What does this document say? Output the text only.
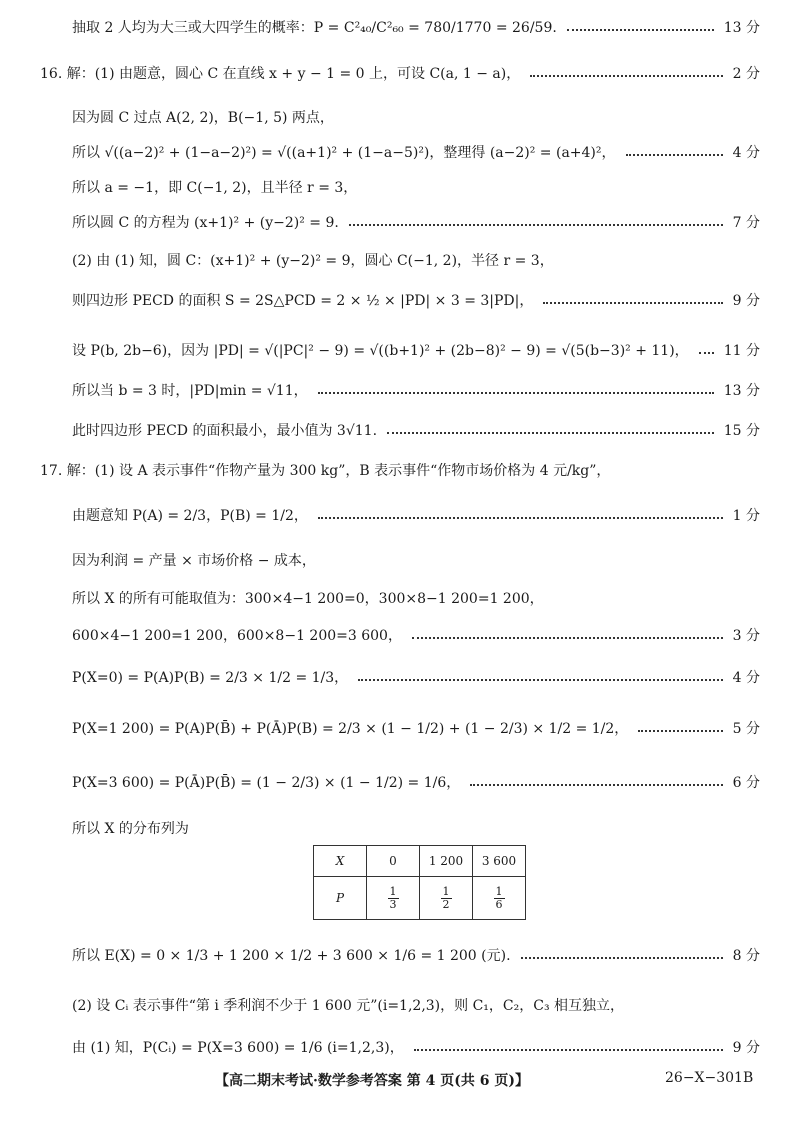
抽取 2 人均为大三或大四学生的概率：P = C²₄₀/C²₆₀ = 780/1770 = 26/59.	13 分
16. 解：(1) 由题意，圆心 C 在直线 x + y − 1 = 0 上，可设 C(a, 1 − a)，	2 分
因为圆 C 过点 A(2, 2)，B(−1, 5) 两点，
所以 √((a−2)² + (1−a−2)²) = √((a+1)² + (1−a−5)²)，整理得 (a−2)² = (a+4)²，	4 分
所以 a = −1，即 C(−1, 2)，且半径 r = 3，
所以圆 C 的方程为 (x+1)² + (y−2)² = 9.	7 分
(2) 由 (1) 知，圆 C：(x+1)² + (y−2)² = 9，圆心 C(−1, 2)，半径 r = 3，
则四边形 PECD 的面积 S = 2S△PCD = 2 × ½ × |PD| × 3 = 3|PD|，	9 分
设 P(b, 2b−6)，因为 |PD| = √(|PC|² − 9) = √((b+1)² + (2b−8)² − 9) = √(5(b−3)² + 11)，	11 分
所以当 b = 3 时，|PD|min = √11，	13 分
此时四边形 PECD 的面积最小，最小值为 3√11.	15 分
17. 解：(1) 设 A 表示事件“作物产量为 300 kg”，B 表示事件“作物市场价格为 4 元/kg”，
由题意知 P(A) = 2/3，P(B) = 1/2，	1 分
因为利润 = 产量 × 市场价格 − 成本，
所以 X 的所有可能取值为：300×4−1 200=0，300×8−1 200=1 200，
600×4−1 200=1 200，600×8−1 200=3 600，	3 分
P(X=0) = P(A)P(B) = 2/3 × 1/2 = 1/3，	4 分
P(X=1 200) = P(A)P(B̄) + P(Ā)P(B) = 2/3 × (1 − 1/2) + (1 − 2/3) × 1/2 = 1/2，	5 分
P(X=3 600) = P(Ā)P(B̄) = (1 − 2/3) × (1 − 1/2) = 1/6，	6 分
所以 X 的分布列为
所以 E(X) = 0 × 1/3 + 1 200 × 1/2 + 3 600 × 1/6 = 1 200 (元).	8 分
(2) 设 Cᵢ 表示事件“第 i 季利润不少于 1 600 元”(i=1,2,3)，则 C₁，C₂，C₃ 相互独立，
由 (1) 知，P(Cᵢ) = P(X=3 600) = 1/6 (i=1,2,3)，	9 分
X	0	1 200	3 600
P	$\frac{1}{3}$	$\frac{1}{2}$	$\frac{1}{6}$
【高二期末考试·数学参考答案 第 4 页(共 6 页)】	26−X−301B
